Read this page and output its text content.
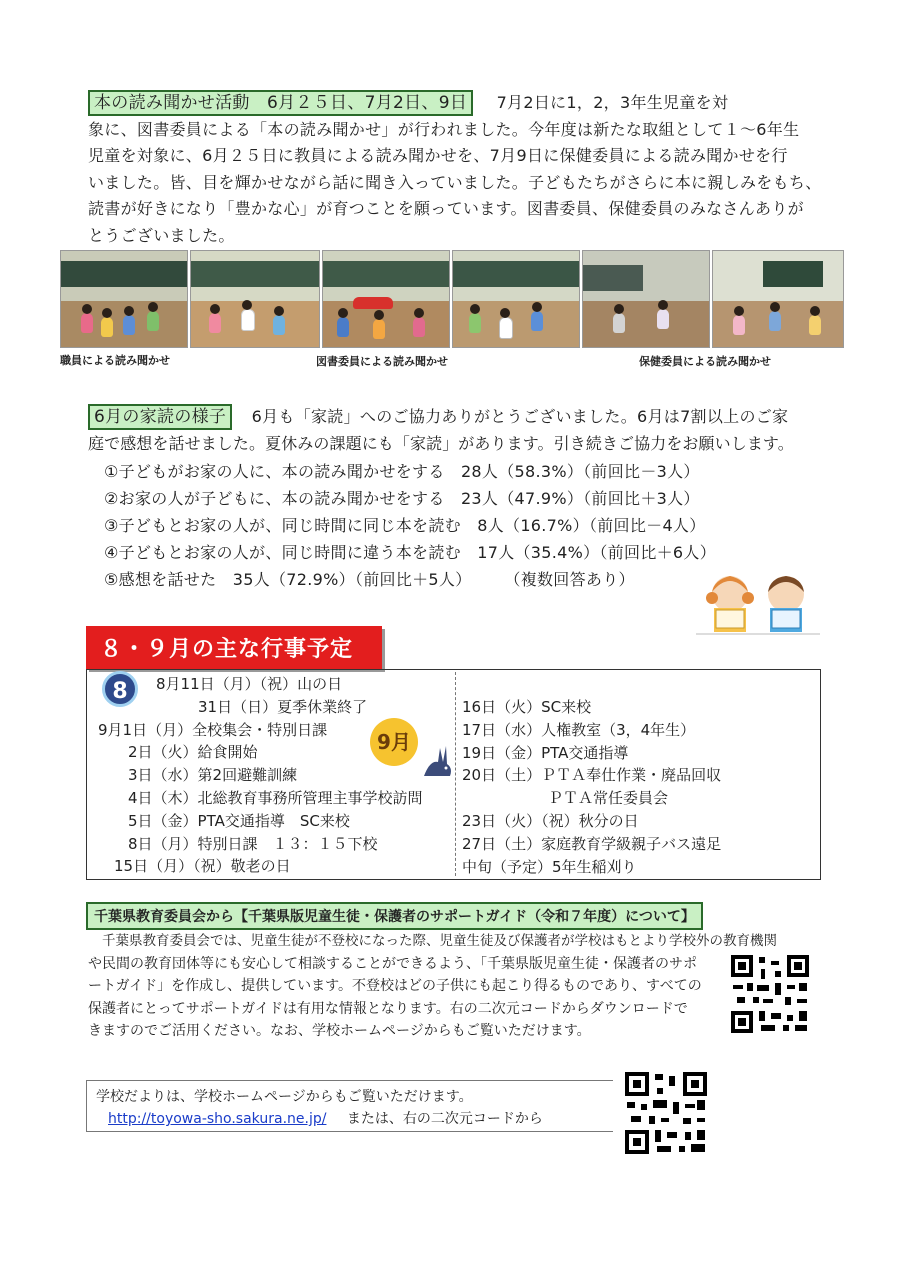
本の読み聞かせ活動　6月２５日、7月2日、9日 7月2日に1，2，3年生児童を対
象に、図書委員による「本の読み聞かせ」が行われました。今年度は新たな取組として１～6年生
児童を対象に、6月２５日に教員による読み聞かせを、7月9日に保健委員による読み聞かせを行
いました。皆、目を輝かせながら話に聞き入っていました。子どもたちがさらに本に親しみをもち、
読書が好きになり「豊かな心」が育つことを願っています。図書委員、保健委員のみなさんありが
とうございました。
職員による読み聞かせ	図書委員による読み聞かせ	保健委員による読み聞かせ
6月の家読の様子 6月も「家読」へのご協力ありがとうございました。6月は7割以上のご家
庭で感想を話せました。夏休みの課題にも「家読」があります。引き続きご協力をお願いします。
①子どもがお家の人に、本の読み聞かせをする　28人（58.3%）（前回比－3人）
②お家の人が子どもに、本の読み聞かせをする　23人（47.9%）（前回比＋3人）
③子どもとお家の人が、同じ時間に同じ本を読む　8人（16.7%）（前回比－4人）
④子どもとお家の人が、同じ時間に違う本を読む　17人（35.4%）（前回比＋6人）
⑤感想を話せた　35人（72.9%）（前回比＋5人）　　　（複数回答あり）
８・９月の主な行事予定
8
9月
8月11日（月）（祝）山の日
31日（日）夏季休業終了
9月1日（月）全校集会・特別日課
2日（火）給食開始
3日（水）第2回避難訓練
4日（木）北総教育事務所管理主事学校訪問
5日（金）PTA交通指導　SC来校
8日（月）特別日課　１３：１５下校
15日（月）（祝）敬老の日
16日（火）SC来校
17日（水）人権教室（3，4年生）
19日（金）PTA交通指導
20日（土）ＰＴＡ奉仕作業・廃品回収
ＰＴＡ常任委員会
23日（火）（祝）秋分の日
27日（土）家庭教育学級親子バス遠足
中旬（予定）5年生稲刈り
千葉県教育委員会から【千葉県版児童生徒・保護者のサポートガイド（令和７年度）について】
千葉県教育委員会では、児童生徒が不登校になった際、児童生徒及び保護者が学校はもとより学校外の教育機関
や民間の教育団体等にも安心して相談することができるよう、「千葉県版児童生徒・保護者のサポ
ートガイド」を作成し、提供しています。不登校はどの子供にも起こり得るものであり、すべての
保護者にとってサポートガイドは有用な情報となります。右の二次元コードからダウンロードで
きますのでご活用ください。なお、学校ホームページからもご覧いただけます。
学校だよりは、学校ホームページからもご覧いただけます。
http://toyowa-sho.sakura.ne.jp/ または、右の二次元コードから
